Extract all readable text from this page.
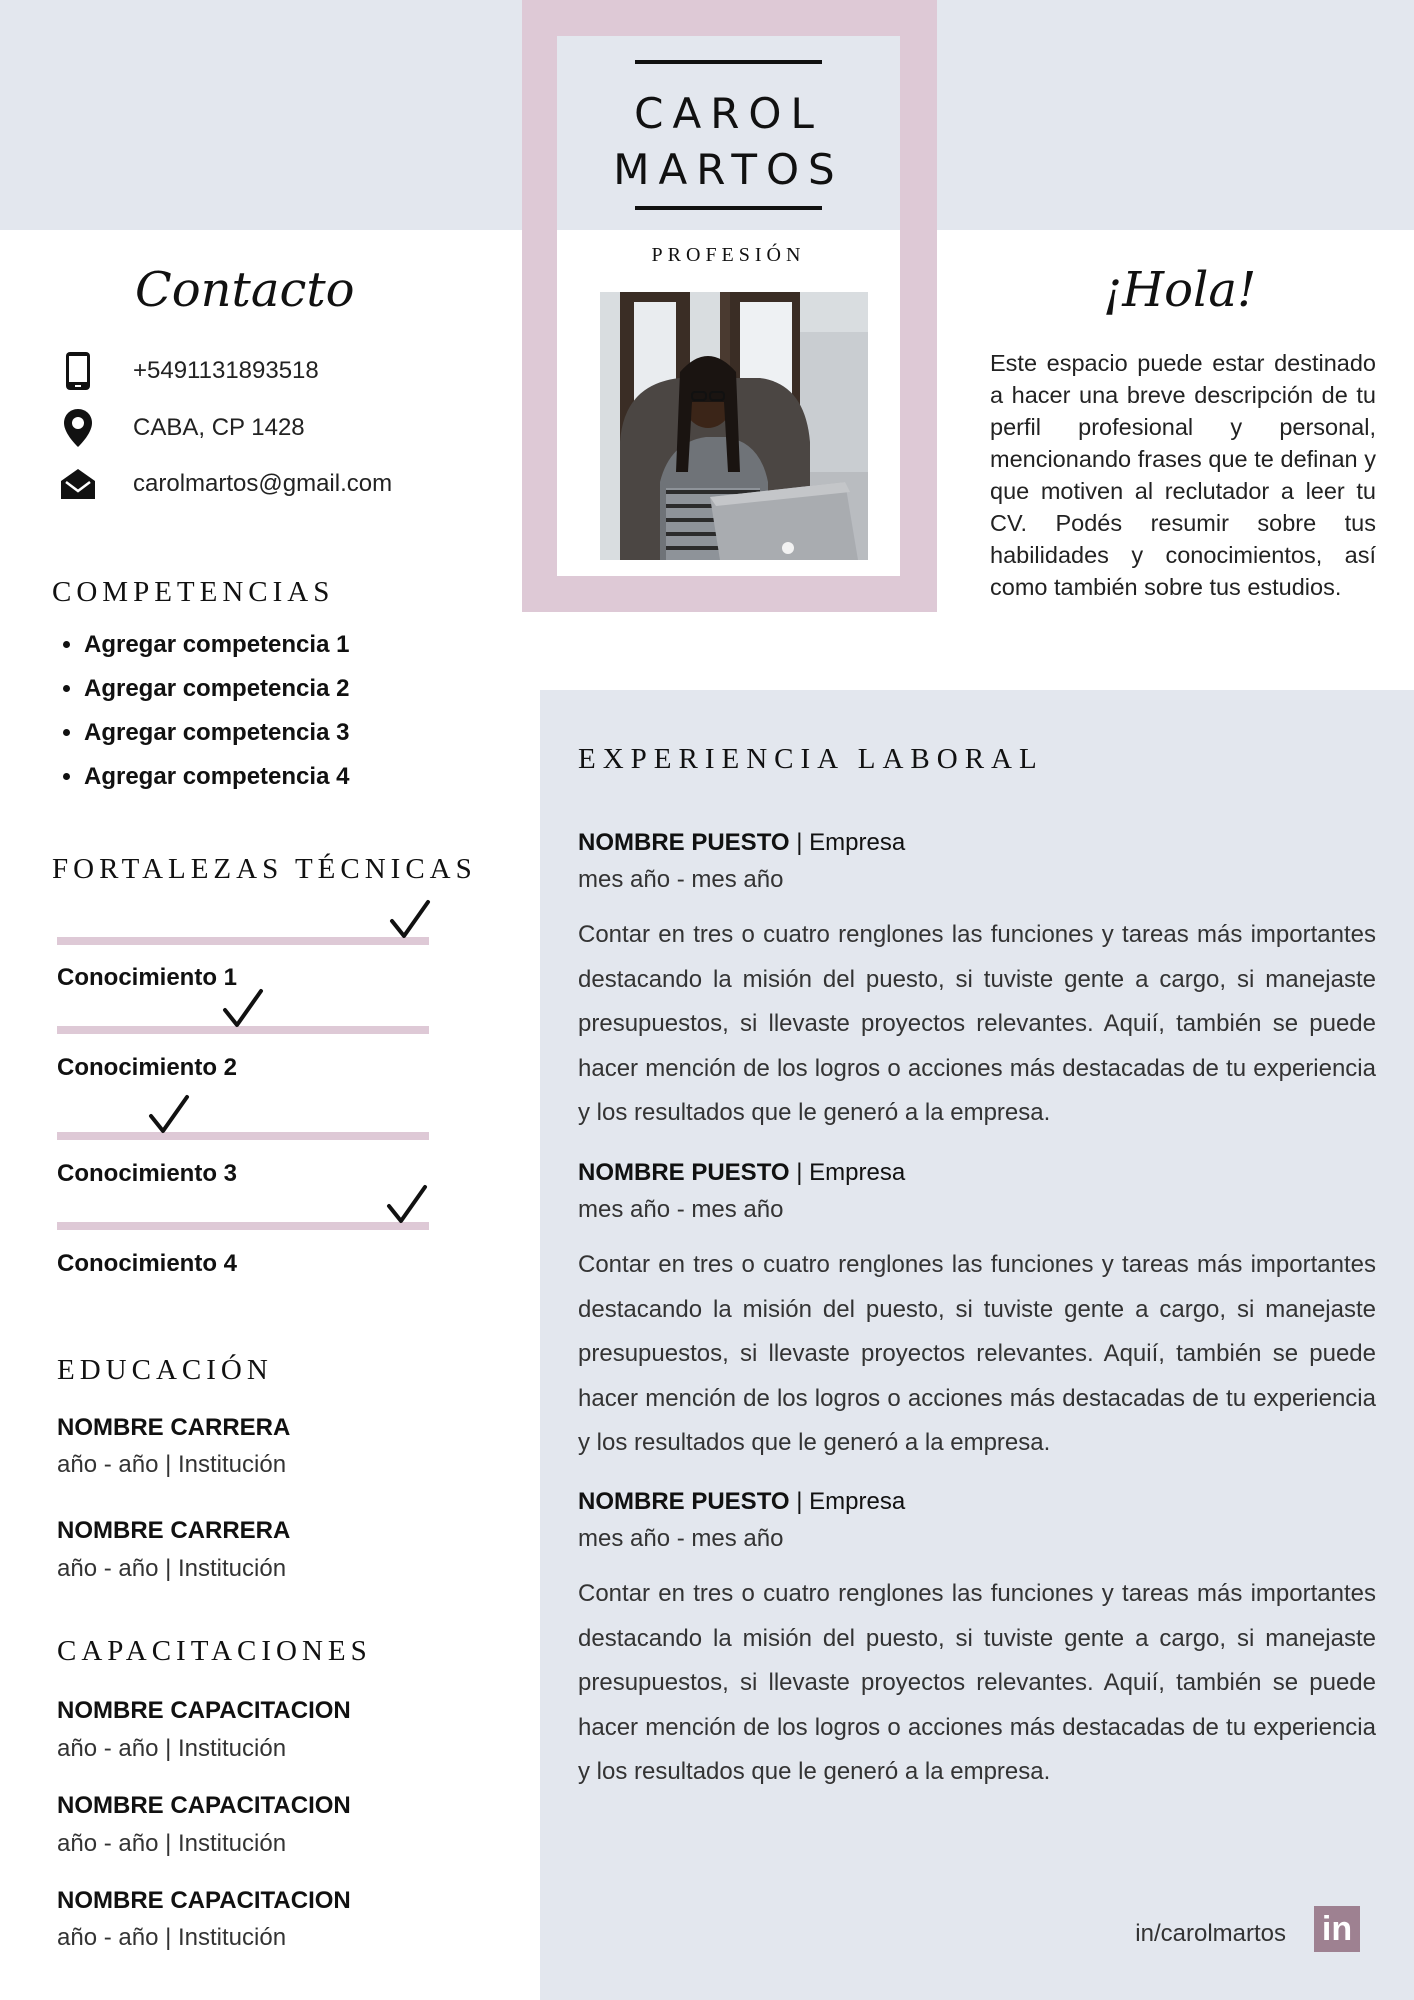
CAROL
MARTOS
PROFESIÓN
Contacto
+5491131893518
CABA, CP 1428
carolmartos@gmail.com
COMPETENCIAS
• Agregar competencia 1
• Agregar competencia 2
• Agregar competencia 3
• Agregar competencia 4
FORTALEZAS TÉCNICAS
Conocimiento 1
Conocimiento 2
Conocimiento 3
Conocimiento 4
EDUCACIÓN
NOMBRE CARRERA
año - año | Institución
NOMBRE CARRERA
año - año | Institución
CAPACITACIONES
NOMBRE CAPACITACION
año - año | Institución
NOMBRE CAPACITACION
año - año | Institución
NOMBRE CAPACITACION
año - año | Institución
¡Hola!
Este espacio puede estar destinado a hacer una breve descripción de tu perfil profesional y personal, mencionando frases que te definan y que motiven al reclutador a leer tu CV. Podés resumir sobre tus habilidades y conocimientos, así como también sobre tus estudios.
EXPERIENCIA LABORAL
NOMBRE PUESTO | Empresa
mes año - mes año
Contar en tres o cuatro renglones las funciones y tareas más importantes destacando la misión del puesto, si tuviste gente a cargo, si manejaste presupuestos, si llevaste proyectos relevantes. Aquií, también se puede hacer mención de los logros o acciones más destacadas de tu experiencia y los resultados que le generó a la empresa.
NOMBRE PUESTO | Empresa
mes año - mes año
Contar en tres o cuatro renglones las funciones y tareas más importantes destacando la misión del puesto, si tuviste gente a cargo, si manejaste presupuestos, si llevaste proyectos relevantes. Aquií, también se puede hacer mención de los logros o acciones más destacadas de tu experiencia y los resultados que le generó a la empresa.
NOMBRE PUESTO | Empresa
mes año - mes año
Contar en tres o cuatro renglones las funciones y tareas más importantes destacando la misión del puesto, si tuviste gente a cargo, si manejaste presupuestos, si llevaste proyectos relevantes. Aquií, también se puede hacer mención de los logros o acciones más destacadas de tu experiencia y los resultados que le generó a la empresa.
in/carolmartos in
